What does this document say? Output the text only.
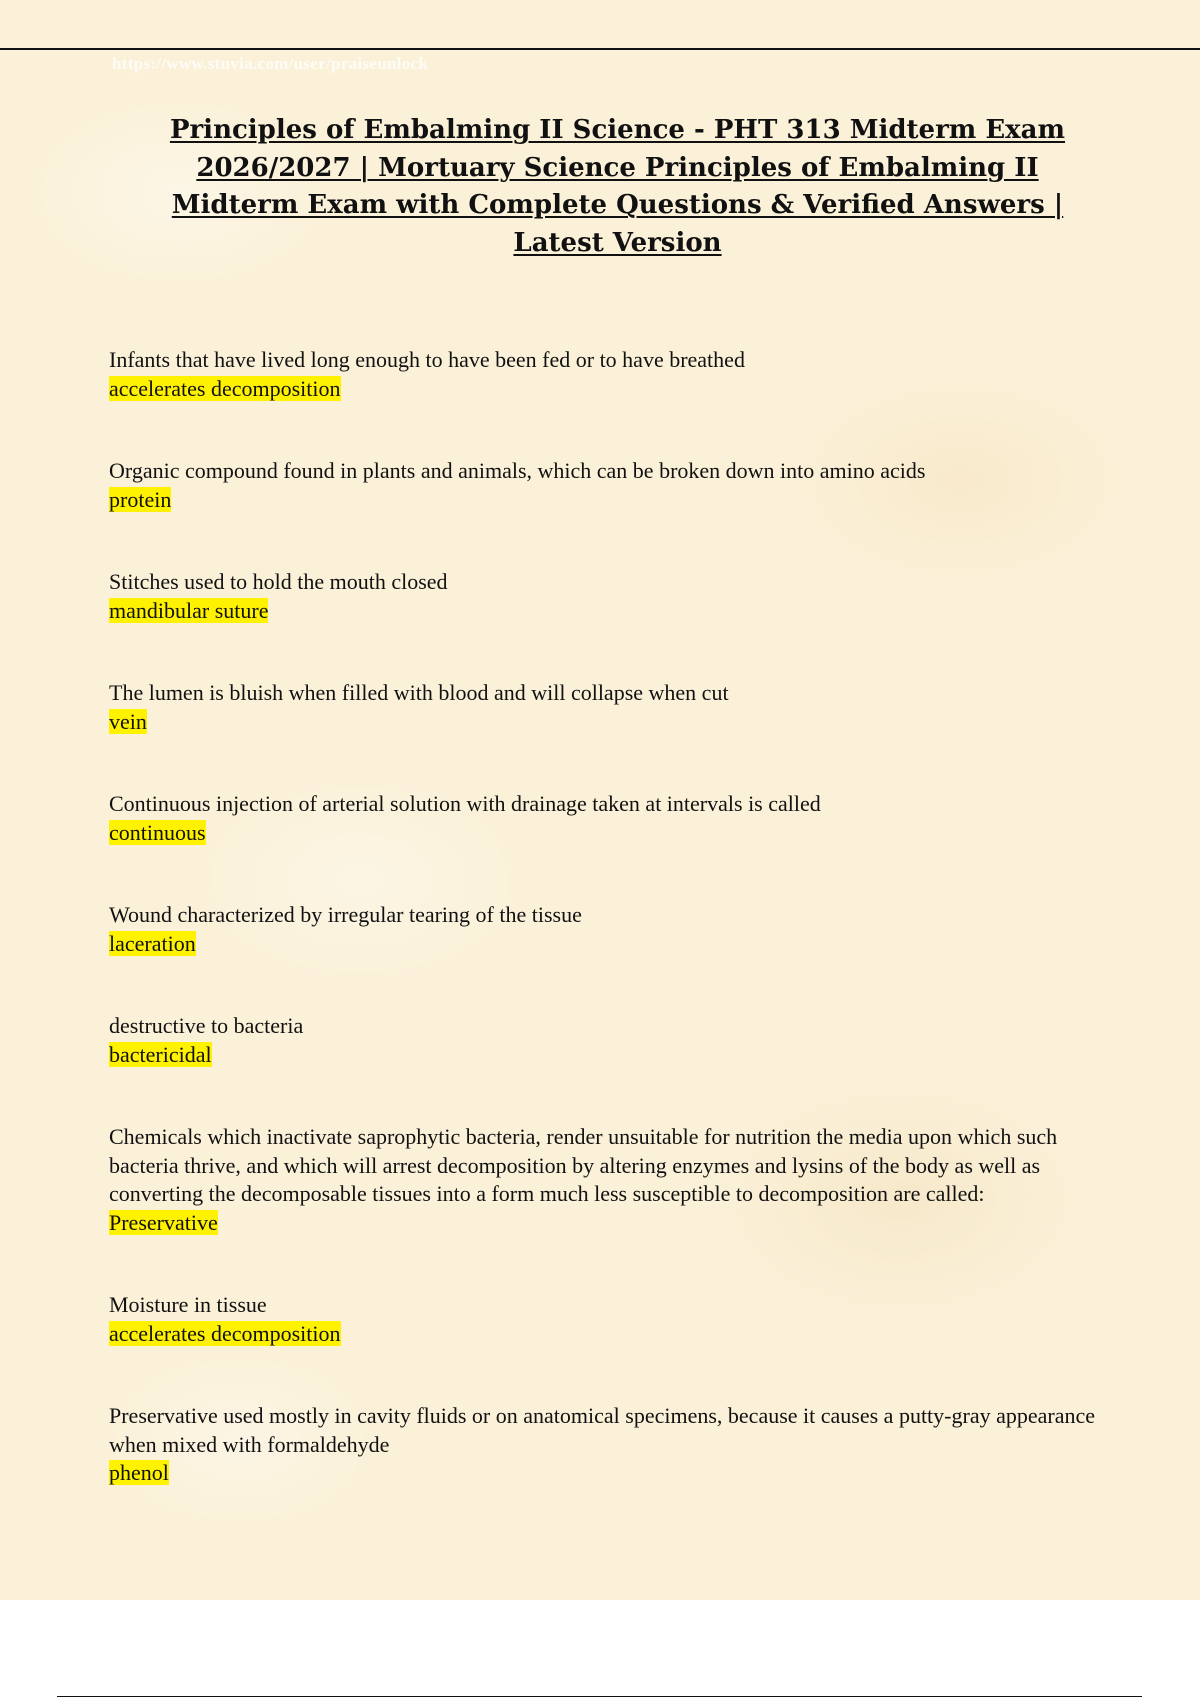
https://www.stuvia.com/user/praiseunlock
Principles of Embalming II Science - PHT 313 Midterm Exam 2026/2027 | Mortuary Science Principles of Embalming II Midterm Exam with Complete Questions & Verified Answers | Latest Version
Infants that have lived long enough to have been fed or to have breathed
accelerates decomposition
Organic compound found in plants and animals, which can be broken down into amino acids
protein
Stitches used to hold the mouth closed
mandibular suture
The lumen is bluish when filled with blood and will collapse when cut
vein
Continuous injection of arterial solution with drainage taken at intervals is called
continuous
Wound characterized by irregular tearing of the tissue
laceration
destructive to bacteria
bactericidal
Chemicals which inactivate saprophytic bacteria, render unsuitable for nutrition the media upon which such bacteria thrive, and which will arrest decomposition by altering enzymes and lysins of the body as well as converting the decomposable tissues into a form much less susceptible to decomposition are called:
Preservative
Moisture in tissue
accelerates decomposition
Preservative used mostly in cavity fluids or on anatomical specimens, because it causes a putty-gray appearance when mixed with formaldehyde
phenol
